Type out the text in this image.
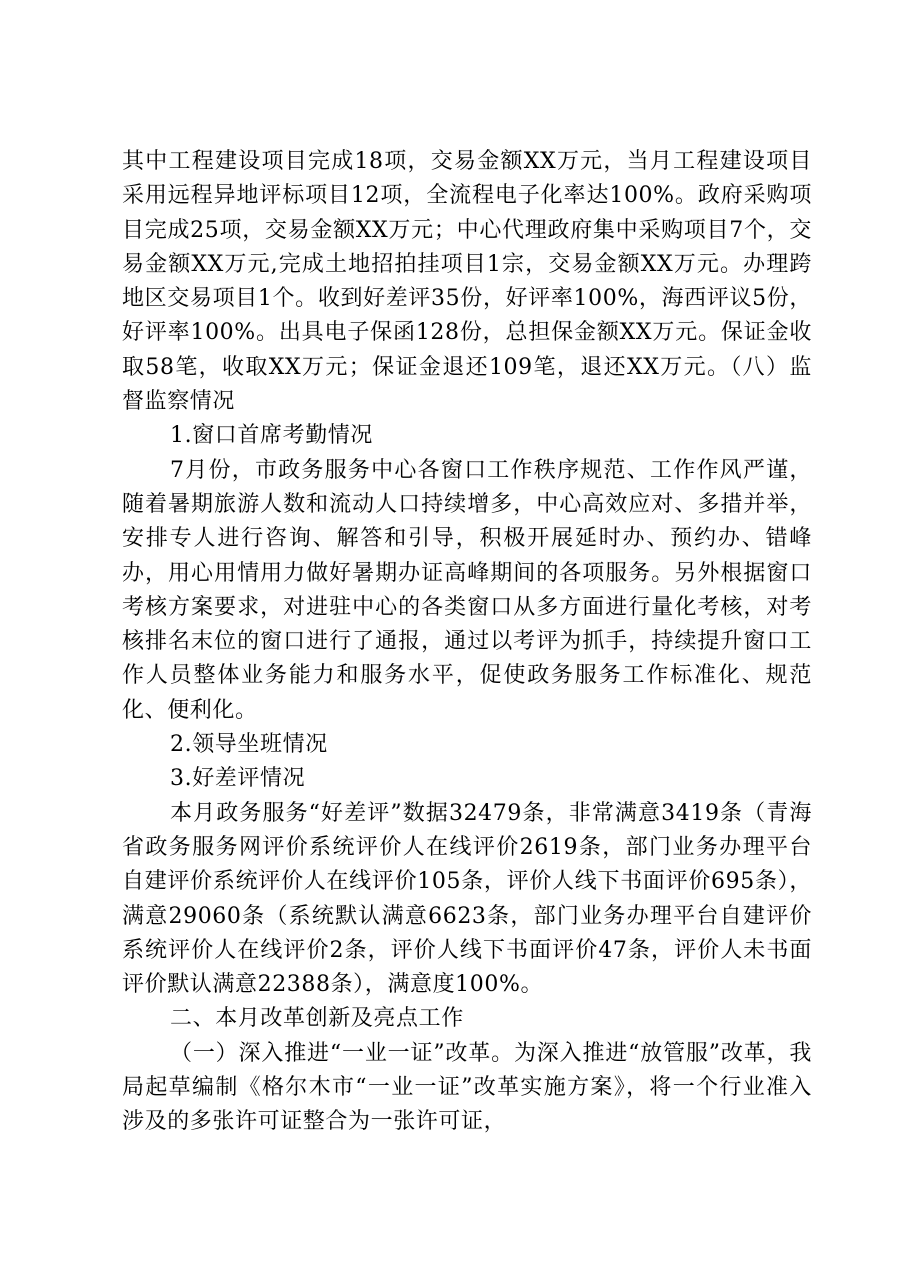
其中工程建设项目完成18项，交易金额XX万元，当月工程建设项目采用远程异地评标项目12项，全流程电子化率达100%。政府采购项目完成25项，交易金额XX万元；中心代理政府集中采购项目7个，交易金额XX万元,完成土地招拍挂项目1宗，交易金额XX万元。办理跨地区交易项目1个。收到好差评35份，好评率100%，海西评议5份，好评率100%。出具电子保函128份，总担保金额XX万元。保证金收取58笔，收取XX万元；保证金退还109笔，退还XX万元。（八）监督监察情况

1.窗口首席考勤情况

7月份，市政务服务中心各窗口工作秩序规范、工作作风严谨，随着暑期旅游人数和流动人口持续增多，中心高效应对、多措并举，安排专人进行咨询、解答和引导，积极开展延时办、预约办、错峰办，用心用情用力做好暑期办证高峰期间的各项服务。另外根据窗口考核方案要求，对进驻中心的各类窗口从多方面进行量化考核，对考核排名末位的窗口进行了通报，通过以考评为抓手，持续提升窗口工作人员整体业务能力和服务水平，促使政务服务工作标准化、规范化、便利化。

2.领导坐班情况

3.好差评情况

本月政务服务“好差评”数据32479条，非常满意3419条（青海省政务服务网评价系统评价人在线评价2619条，部门业务办理平台自建评价系统评价人在线评价105条，评价人线下书面评价695条），满意29060条（系统默认满意6623条，部门业务办理平台自建评价系统评价人在线评价2条，评价人线下书面评价47条，评价人未书面评价默认满意22388条），满意度100%。

二、本月改革创新及亮点工作

（一）深入推进“一业一证”改革。为深入推进“放管服”改革，我局起草编制《格尔木市“一业一证”改革实施方案》，将一个行业准入涉及的多张许可证整合为一张许可证，
